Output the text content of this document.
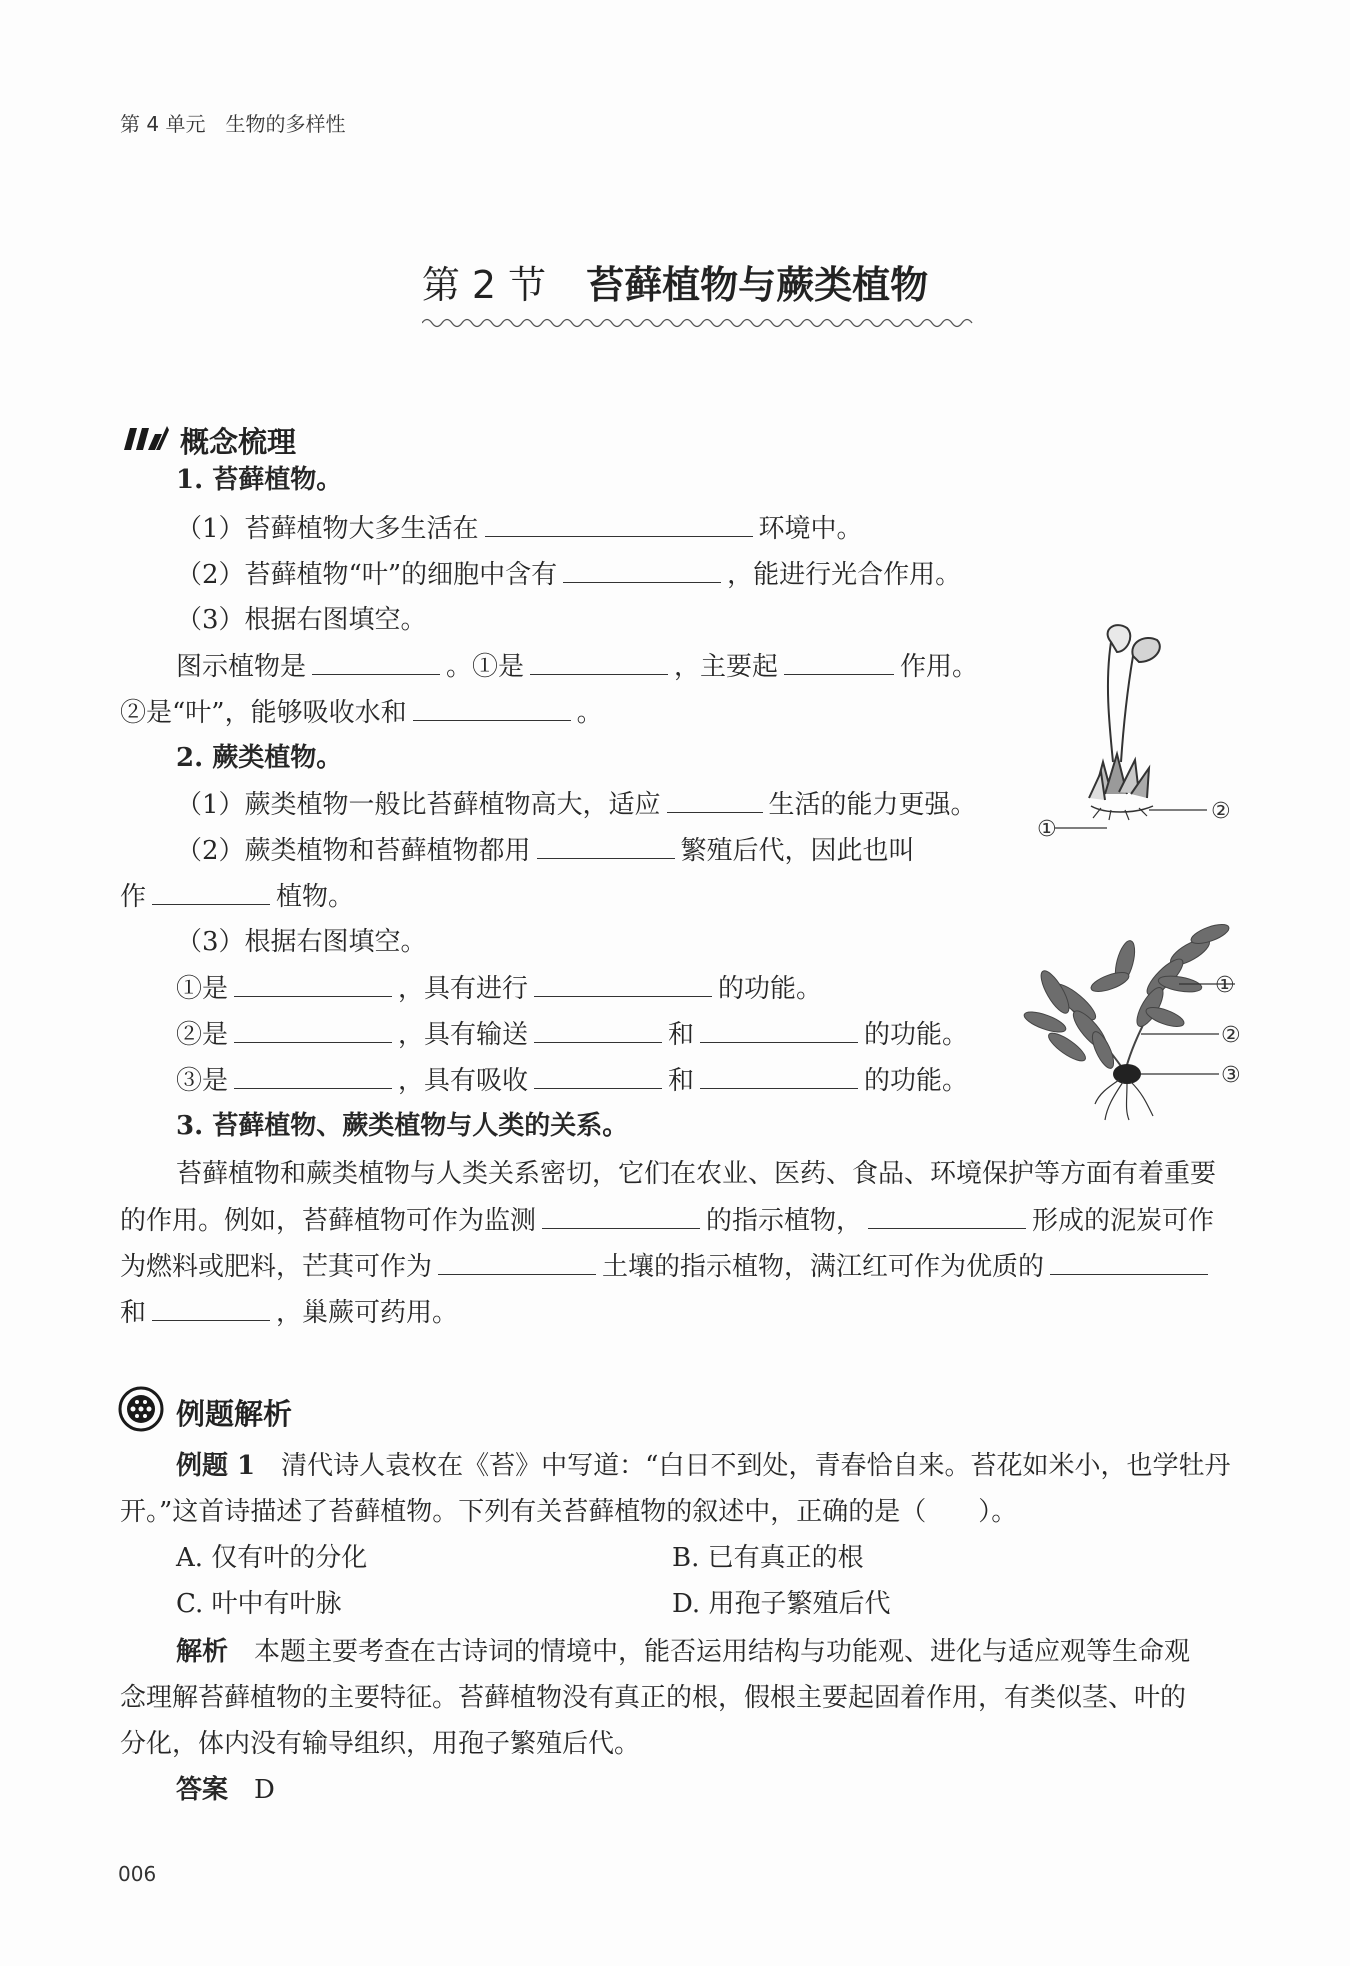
第 4 单元　生物的多样性
第 2 节 苔藓植物与蕨类植物
概念梳理
1. 苔藓植物。
（1）苔藓植物大多生活在	环境中。
（2）苔藓植物“叶”的细胞中含有	，能进行光合作用。
（3）根据右图填空。
图示植物是	。①是	，主要起	作用。
②是“叶”，能够吸收水和	。
①
②
2. 蕨类植物。
（1）蕨类植物一般比苔藓植物高大，适应	生活的能力更强。
（2）蕨类植物和苔藓植物都用	繁殖后代，因此也叫
作	植物。
（3）根据右图填空。
①是	，具有进行	的功能。
②是	，具有输送	和	的功能。
③是	，具有吸收	和	的功能。
①
②
③
3. 苔藓植物、蕨类植物与人类的关系。
苔藓植物和蕨类植物与人类关系密切，它们在农业、医药、食品、环境保护等方面有着重要
的作用。例如，苔藓植物可作为监测	的指示植物，	形成的泥炭可作
为燃料或肥料，芒萁可作为	土壤的指示植物，满江红可作为优质的
和	，巢蕨可药用。
例题解析
例题 1　 清代诗人袁枚在《苔》中写道：“白日不到处，青春恰自来。苔花如米小，也学牡丹
开。”这首诗描述了苔藓植物。下列有关苔藓植物的叙述中，正确的是（　　）。
A. 仅有叶的分化	B. 已有真正的根
C. 叶中有叶脉	D. 用孢子繁殖后代
解析　 本题主要考查在古诗词的情境中，能否运用结构与功能观、进化与适应观等生命观
念理解苔藓植物的主要特征。苔藓植物没有真正的根，假根主要起固着作用，有类似茎、叶的
分化，体内没有输导组织，用孢子繁殖后代。
答案　 D
006
